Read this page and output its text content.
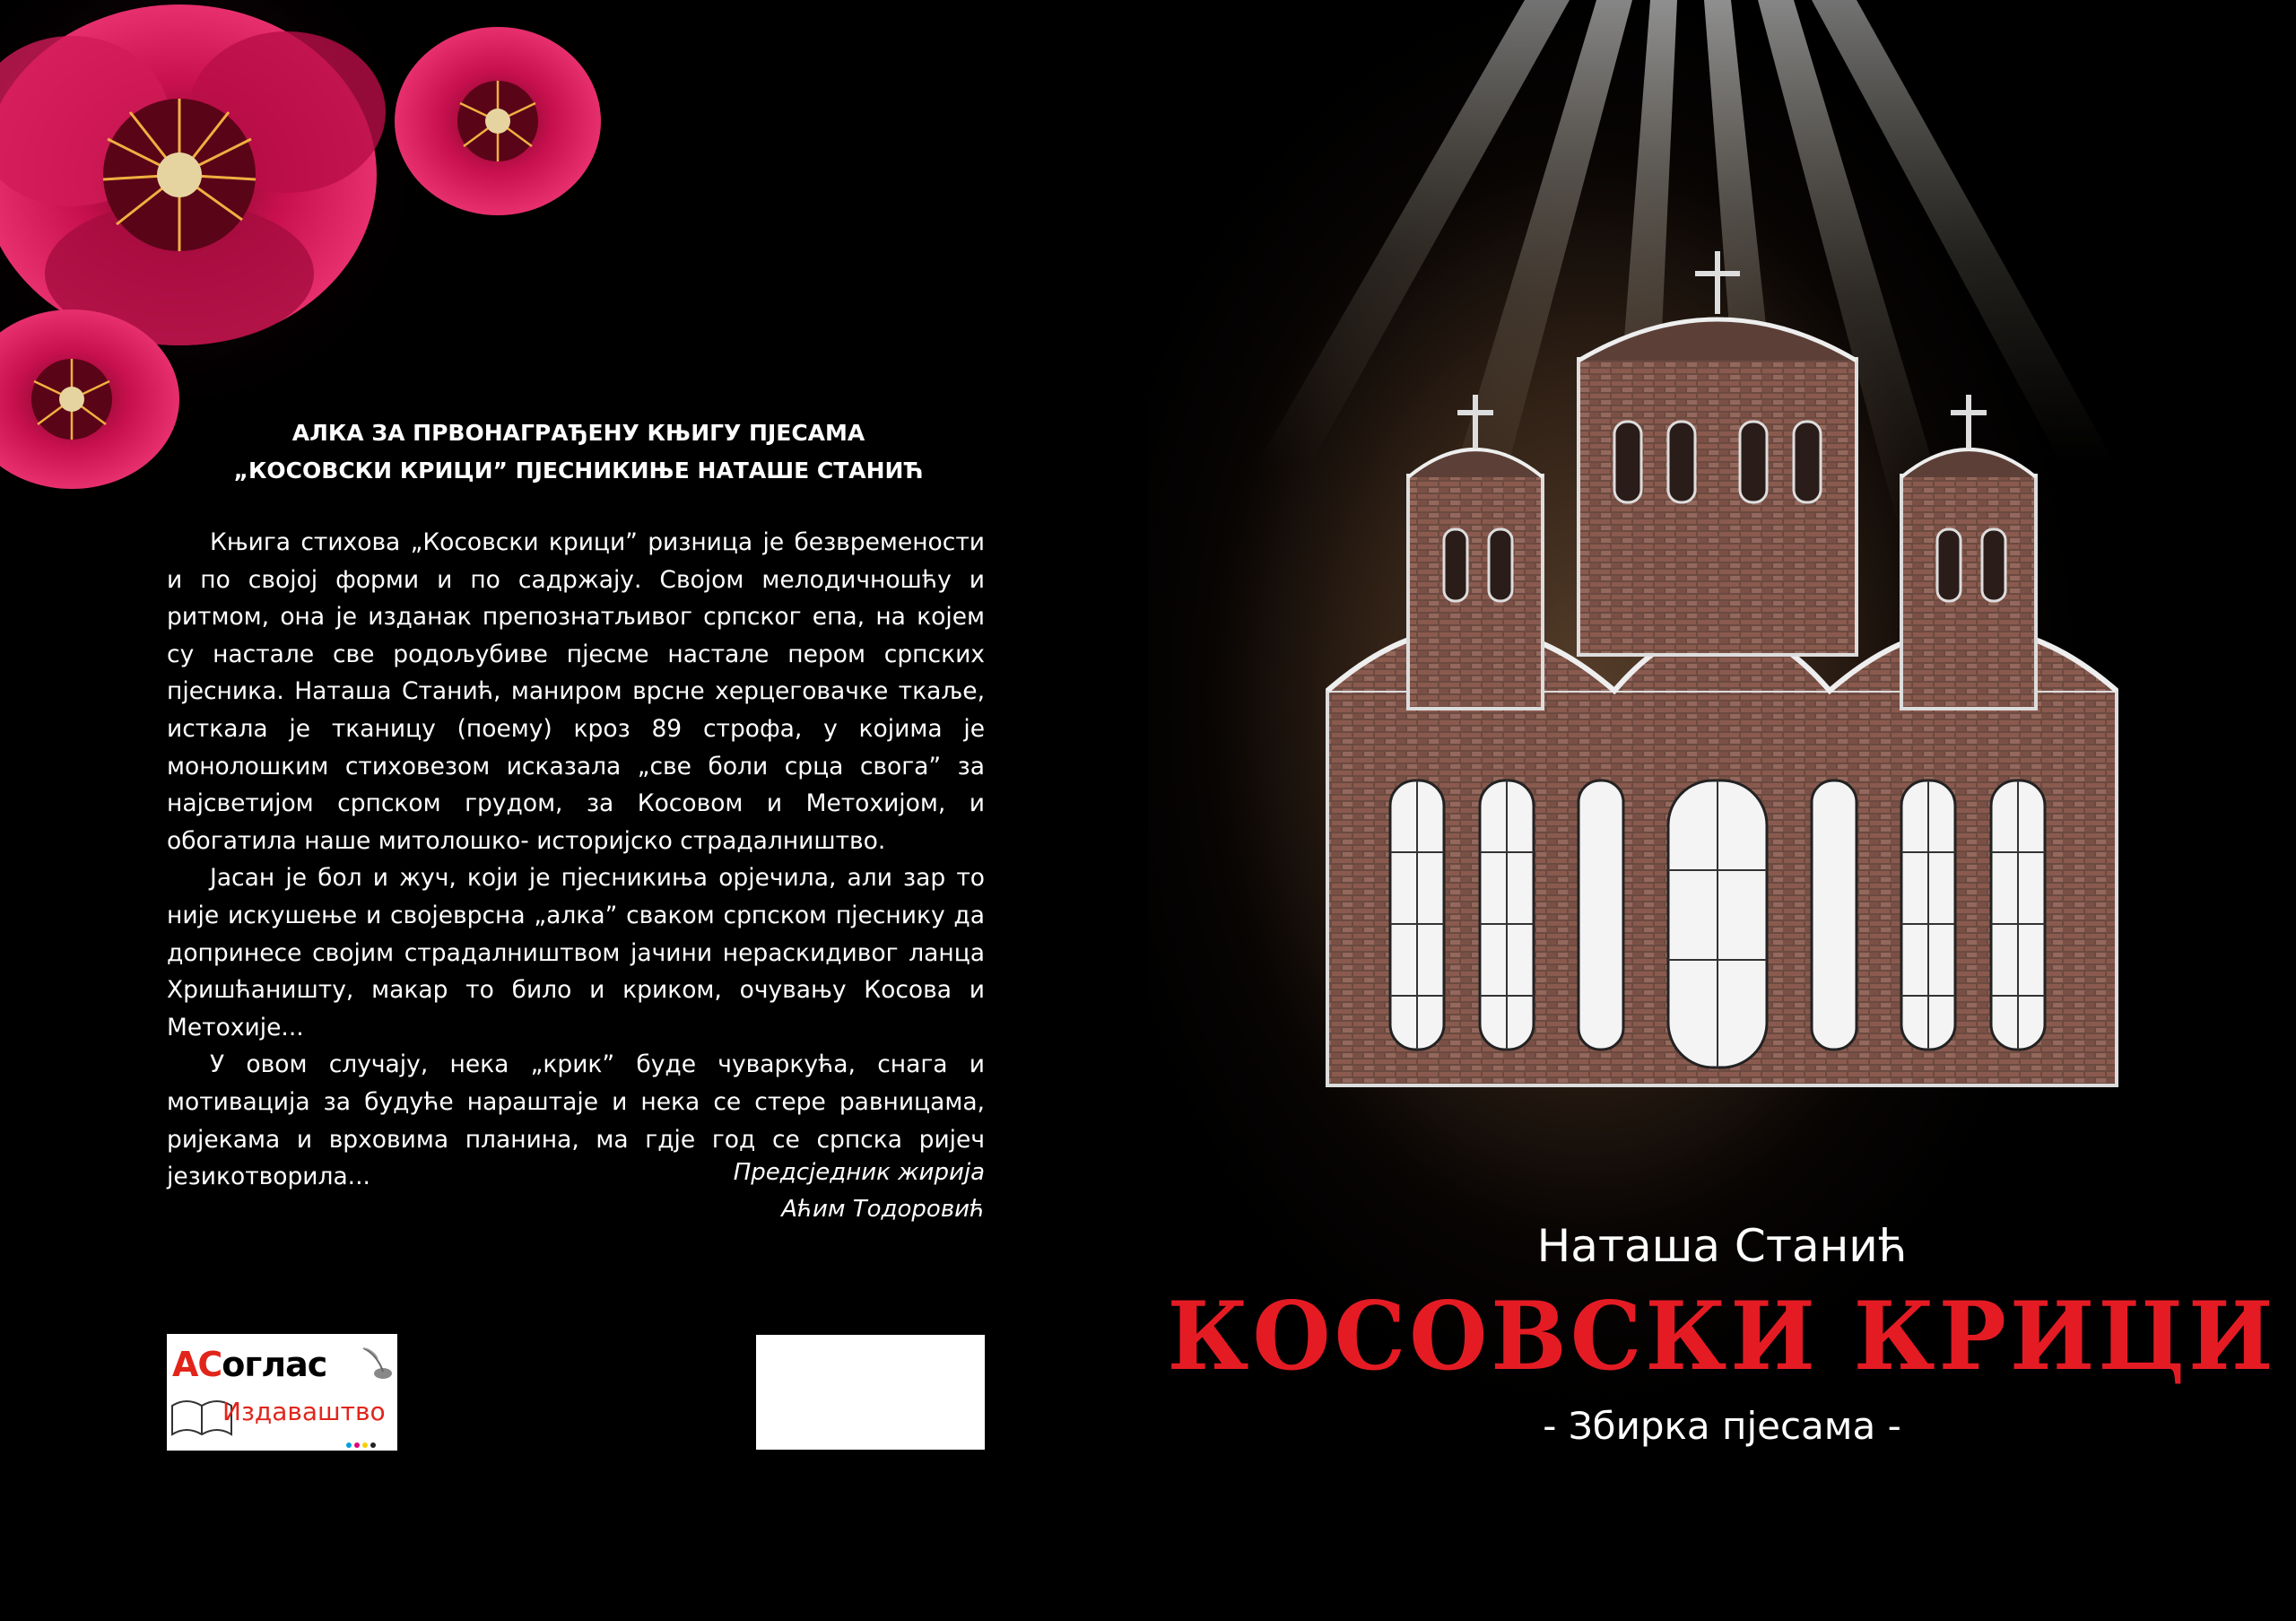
АЛКА ЗА ПРВОНАГРАЂЕНУ КЊИГУ ПЈЕСАМА
„КОСОВСКИ КРИЦИ” ПЈЕСНИКИЊЕ НАТАШЕ СТАНИЋ

Књига стихова „Косовски крици” ризница је безвремености и по својој форми и по садржају. Својом мелодичношћу и ритмом, она је изданак препознатљивог српског епа, на којем су настале све родољубиве пјесме настале пером српских пјесника. Наташа Станић, маниром врсне херцеговачке ткаље, исткала је тканицу (поему) кроз 89 строфа, у којима је монолошким стиховезом исказала „све боли срца свога” за најсветијом српском грудом, за Косовом и Метохијом, и обогатила наше митолошко- историјско страдалништво.

Јасан је бол и жуч, који је пјесникиња орјечила, али зар то није искушење и својеврсна „алка” сваком српском пјеснику да допринесе својим страдалништвом јачини нераскидивог ланца Хришћаништу, макар то било и криком, очувању Косова и Метохије...

У овом случају, нека „крик” буде чуваркућа, снага и мотивација за будуће нараштаје и нека се стере равницама, ријекама и врховима планина, ма гдје год се српска ријеч језикотворила...	Предсједник жирија
Аћим Тодоровић
АСоглас
Издаваштво
Наташа Станић
КОСОВСКИ КРИЦИ
- Збирка пјесама -
